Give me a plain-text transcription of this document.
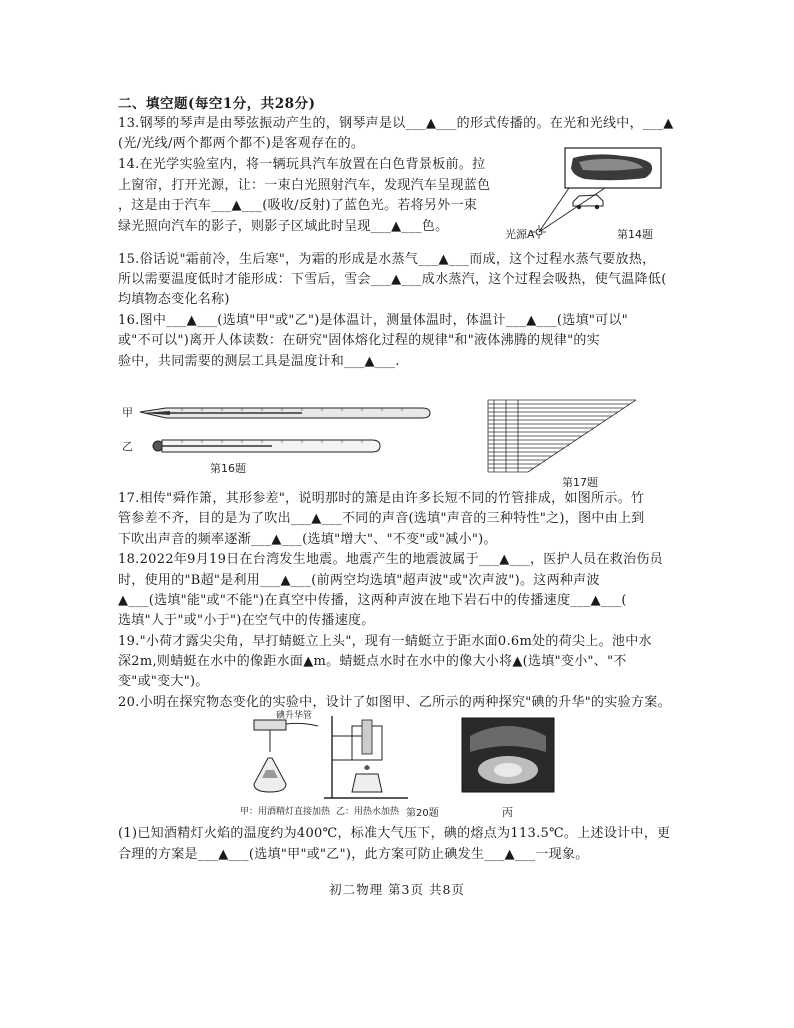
二、填空题(每空1分，共28分)
13.钢琴的琴声是由琴弦振动产生的，钢琴声是以___▲___的形式传播的。在光和光线中，___▲
(光/光线/两个都两个都不)是客观存在的。
14.在光学实验室内，将一辆玩具汽车放置在白色背景板前。拉
上窗帘，打开光源，让：一束白光照射汽车，发现汽车呈现蓝色
，这是由于汽车___▲___(吸收/反射)了蓝色光。若将另外一束
绿光照向汽车的影子，则影子区域此时呈现___▲___色。
15.俗话说"霜前冷，生后寒"，为霜的形成是水蒸气___▲___而成，这个过程水蒸气要放热，
所以需要温度低时才能形成：下雪后，雪会___▲___成水蒸汽，这个过程会吸热，使气温降低(
均填物态变化名称)
16.图中___▲___(选填"甲"或"乙")是体温计，测量体温时，体温计___▲___(选填"可以"
或"不可以")离开人体读数：在研究"固体熔化过程的规律"和"液体沸腾的规律"的实
验中，共同需要的测层工具是温度计和___▲___.
17.相传"舜作箫，其形参差"，说明那时的箫是由许多长短不同的竹管排成，如图所示。竹
管参差不齐，目的是为了吹出___▲___不同的声音(选填"声音的三种特性"之)，图中由上到
下吹出声音的频率逐渐___▲___(选填"增大"、"不变"或"减小")。
18.2022年9月19日在台湾发生地震。地震产生的地震波属于___▲___，医护人员在救治伤员
时，使用的"B超"是利用___▲___(前两空均选填"超声波"或"次声波")。这两种声波
▲___(选填"能"或"不能")在真空中传播，这两种声波在地下岩石中的传播速度___▲___(
选填"人于"或"小于")在空气中的传播速度。
19."小荷才露尖尖角，早打蜻蜓立上头"，现有一蜻蜓立于距水面0.6m处的荷尖上。池中水
深2m,则蜻蜓在水中的像距水面▲m。蜻蜓点水时在水中的像大小将▲(选填"变小"、"不
变"或"变大")。
20.小明在探究物态变化的实验中，设计了如图甲、乙所示的两种探究"碘的升华"的实验方案。
(1)已知酒精灯火焰的温度约为400℃，标准大气压下，碘的熔点为113.5℃。上述设计中，更
合理的方案是___▲___(选填"甲"或"乙")，此方案可防止碘发生___▲___一现象。
光源A	第14题
甲
乙
第16题
第17题
碘升华管
甲：用酒精灯直接加热 乙：用热水加热 第20题	丙
初二物理 第3页 共8页
